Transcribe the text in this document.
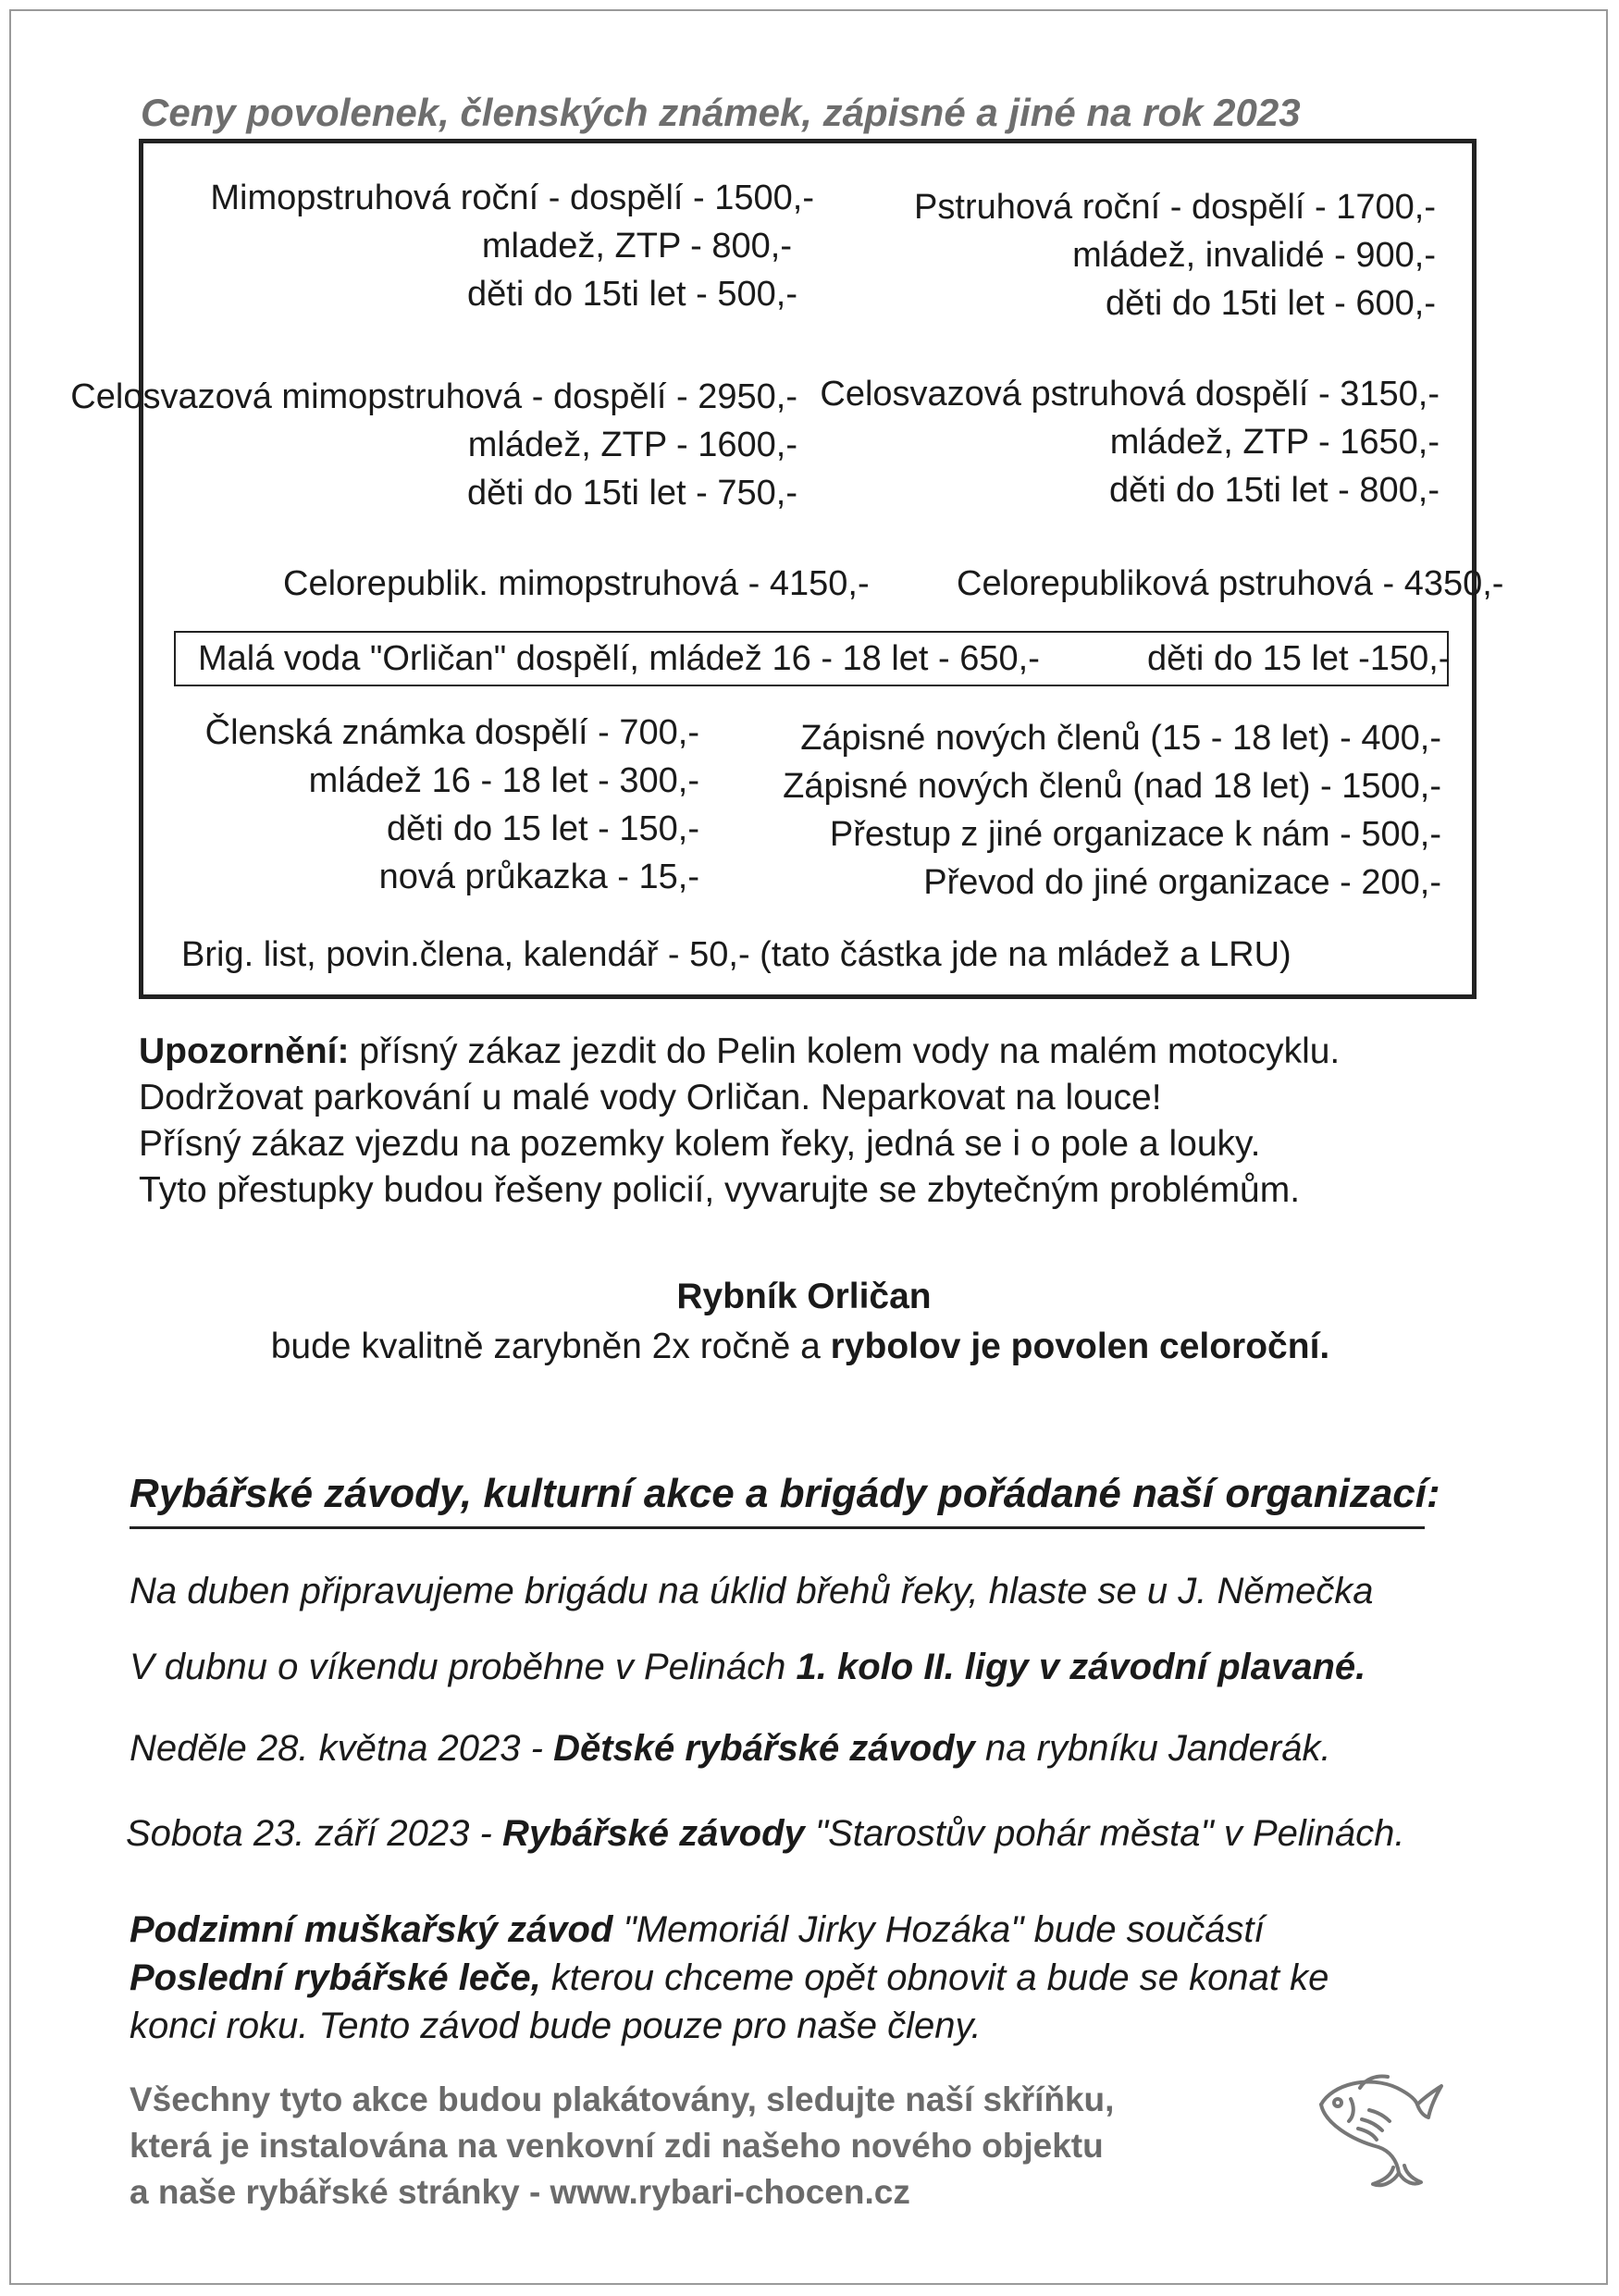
Ceny povolenek, členských známek, zápisné a jiné na rok 2023
Mimopstruhová roční - dospělí - 1500,-
mladež, ZTP - 800,-
děti do 15ti let - 500,-
Pstruhová roční - dospělí - 1700,-
mládež, invalidé - 900,-
děti do 15ti let - 600,-
Celosvazová mimopstruhová - dospělí - 2950,-
mládež, ZTP - 1600,-
děti do 15ti let - 750,-
Celosvazová pstruhová dospělí - 3150,-
mládež, ZTP - 1650,-
děti do 15ti let - 800,-
Celorepublik. mimopstruhová - 4150,- Celorepubliková pstruhová - 4350,-
Malá voda "Orličan" dospělí, mládež 16 - 18 let - 650,-	děti do 15 let -150,-
Členská známka dospělí - 700,-
mládež 16 - 18 let - 300,-
děti do 15 let - 150,-
nová průkazka - 15,-
Zápisné nových členů (15 - 18 let) - 400,-
Zápisné nových členů (nad 18 let) - 1500,-
Přestup z jiné organizace k nám - 500,-
Převod do jiné organizace - 200,-
Brig. list, povin.člena, kalendář - 50,- (tato částka jde na mládež a LRU)
Upozornění: přísný zákaz jezdit do Pelin kolem vody na malém motocyklu.
Dodržovat parkování u malé vody Orličan. Neparkovat na louce!
Přísný zákaz vjezdu na pozemky kolem řeky, jedná se i o pole a louky.
Tyto přestupky budou řešeny policií, vyvarujte se zbytečným problémům.
Rybník Orličan
bude kvalitně zarybněn 2x ročně a rybolov je povolen celoroční.
Rybářské závody, kulturní akce a brigády pořádané naší organizací:
Na duben připravujeme brigádu na úklid břehů řeky, hlaste se u J. Němečka
V dubnu o víkendu proběhne v Pelinách 1. kolo II. ligy v závodní plavané.
Neděle 28. května 2023 - Dětské rybářské závody na rybníku Janderák.
Sobota 23. září 2023 - Rybářské závody "Starostův pohár města" v Pelinách.
Podzimní muškařský závod "Memoriál Jirky Hozáka" bude součástí
Poslední rybářské leče, kterou chceme opět obnovit a bude se konat ke
konci roku. Tento závod bude pouze pro naše členy.
Všechny tyto akce budou plakátovány, sledujte naší skříňku,
která je instalována na venkovní zdi našeho nového objektu
a naše rybářské stránky - www.rybari-chocen.cz
